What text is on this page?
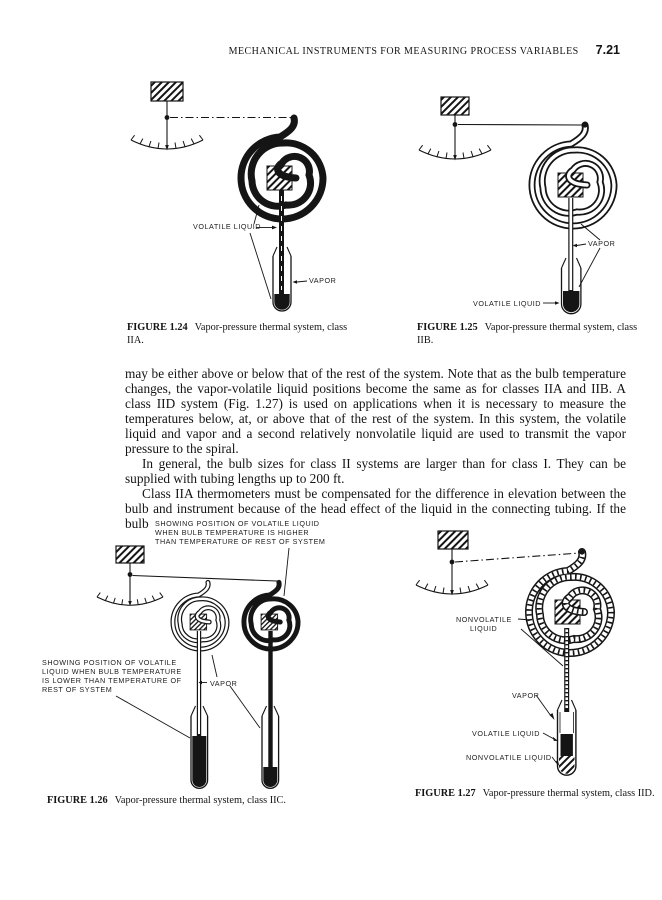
MECHANICAL INSTRUMENTS FOR MEASURING PROCESS VARIABLES 7.21
VOLATILE LIQUID
VAPOR
VAPOR
VOLATILE LIQUID
FIGURE 1.24 Vapor-pressure thermal system, class IIA.
FIGURE 1.25 Vapor-pressure thermal system, class IIB.

may be either above or below that of the rest of the system. Note that as the bulb temperature changes, the vapor-volatile liquid positions become the same as for classes IIA and IIB. A class IID system (Fig. 1.27) is used on applications when it is necessary to measure the temperatures below, at, or above that of the rest of the system. In this system, the volatile liquid and vapor and a second relatively nonvolatile liquid are used to transmit the vapor pressure to the spiral.

In general, the bulb sizes for class II systems are larger than for class I. They can be supplied with tubing lengths up to 200 ft.

Class IIA thermometers must be compensated for the difference in elevation between the bulb and instrument because of the head effect of the liquid in the connecting tubing. If the bulb SHOWING POSITION OF VOLATILE LIQUID
WHEN BULB TEMPERATURE IS HIGHER
THAN TEMPERATURE OF REST OF SYSTEM
SHOWING POSITION OF VOLATILE
LIQUID WHEN BULB TEMPERATURE
IS LOWER THAN TEMPERATURE OF
REST OF SYSTEM
VAPOR
NONVOLATILE
LIQUID
VAPOR
VOLATILE LIQUID
NONVOLATILE LIQUID
FIGURE 1.26 Vapor-pressure thermal system, class IIC.
FIGURE 1.27 Vapor-pressure thermal system, class IID.
